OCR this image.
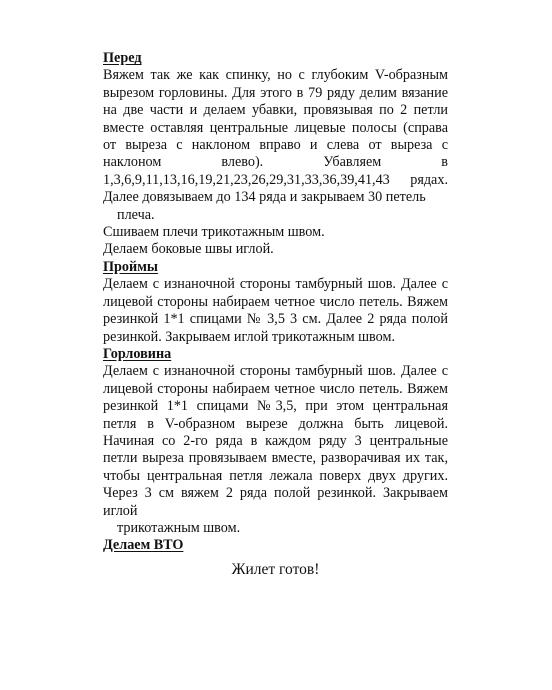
Перед

Вяжем так же как спинку, но с глубоким V-образным вырезом горловины. Для этого в 79 ряду делим вязание на две части и делаем убавки, провязывая по 2 петли вместе оставляя центральные лицевые полосы (справа от выреза с наклоном вправо и слева от выреза с наклоном влево). Убавляем в 1,3,6,9,11,13,16,19,21,23,26,29,31,33,36,39,41,43 рядах. Далее довязываем до 134 ряда и закрываем 30 петель

плеча.

Сшиваем плечи трикотажным швом.

Делаем боковые швы иглой.

Проймы

Делаем с изнаночной стороны тамбурный шов. Далее с лицевой стороны набираем четное число петель. Вяжем резинкой 1*1 спицами № 3,5 3 см. Далее 2 ряда полой резинкой. Закрываем иглой трикотажным швом.

Горловина

Делаем с изнаночной стороны тамбурный шов. Далее с лицевой стороны набираем четное число петель. Вяжем резинкой 1*1 спицами №3,5, при этом центральная петля в V-образном вырезе должна быть лицевой. Начиная со 2-го ряда в каждом ряду 3 центральные петли выреза провязываем вместе, разворачивая их так, чтобы центральная петля лежала поверх двух других. Через 3 см вяжем 2 ряда полой резинкой. Закрываем иглой

трикотажным швом.

Делаем ВТО

Жилет готов!
